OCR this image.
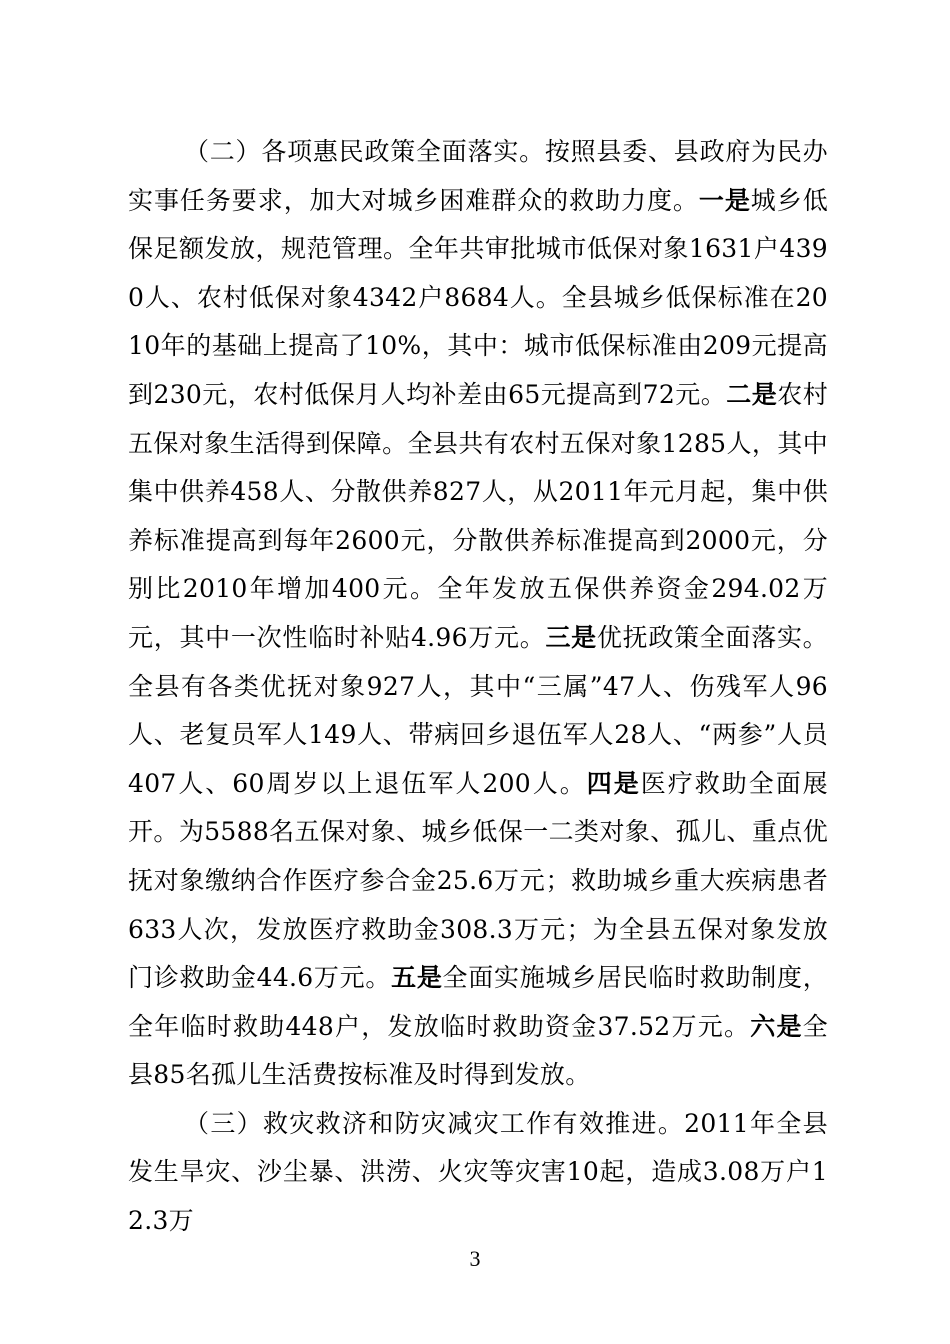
（二）各项惠民政策全面落实。按照县委、县政府为民办实事任务要求，加大对城乡困难群众的救助力度。一是城乡低保足额发放，规范管理。全年共审批城市低保对象1631户4390人、农村低保对象4342户8684人。全县城乡低保标准在2010年的基础上提高了10%，其中：城市低保标准由209元提高到230元，农村低保月人均补差由65元提高到72元。二是农村五保对象生活得到保障。全县共有农村五保对象1285人，其中集中供养458人、分散供养827人，从2011年元月起，集中供养标准提高到每年2600元，分散供养标准提高到2000元，分别比2010年增加400元。全年发放五保供养资金294.02万元，其中一次性临时补贴4.96万元。三是优抚政策全面落实。全县有各类优抚对象927人，其中“三属”47人、伤残军人96人、老复员军人149人、带病回乡退伍军人28人、“两参”人员407人、60周岁以上退伍军人200人。四是医疗救助全面展开。为5588名五保对象、城乡低保一二类对象、孤儿、重点优抚对象缴纳合作医疗参合金25.6万元；救助城乡重大疾病患者633人次，发放医疗救助金308.3万元；为全县五保对象发放门诊救助金44.6万元。五是全面实施城乡居民临时救助制度，全年临时救助448户，发放临时救助资金37.52万元。六是全县85名孤儿生活费按标准及时得到发放。

（三）救灾救济和防灾减灾工作有效推进。2011年全县发生旱灾、沙尘暴、洪涝、火灾等灾害10起，造成3.08万户12.3万

3
